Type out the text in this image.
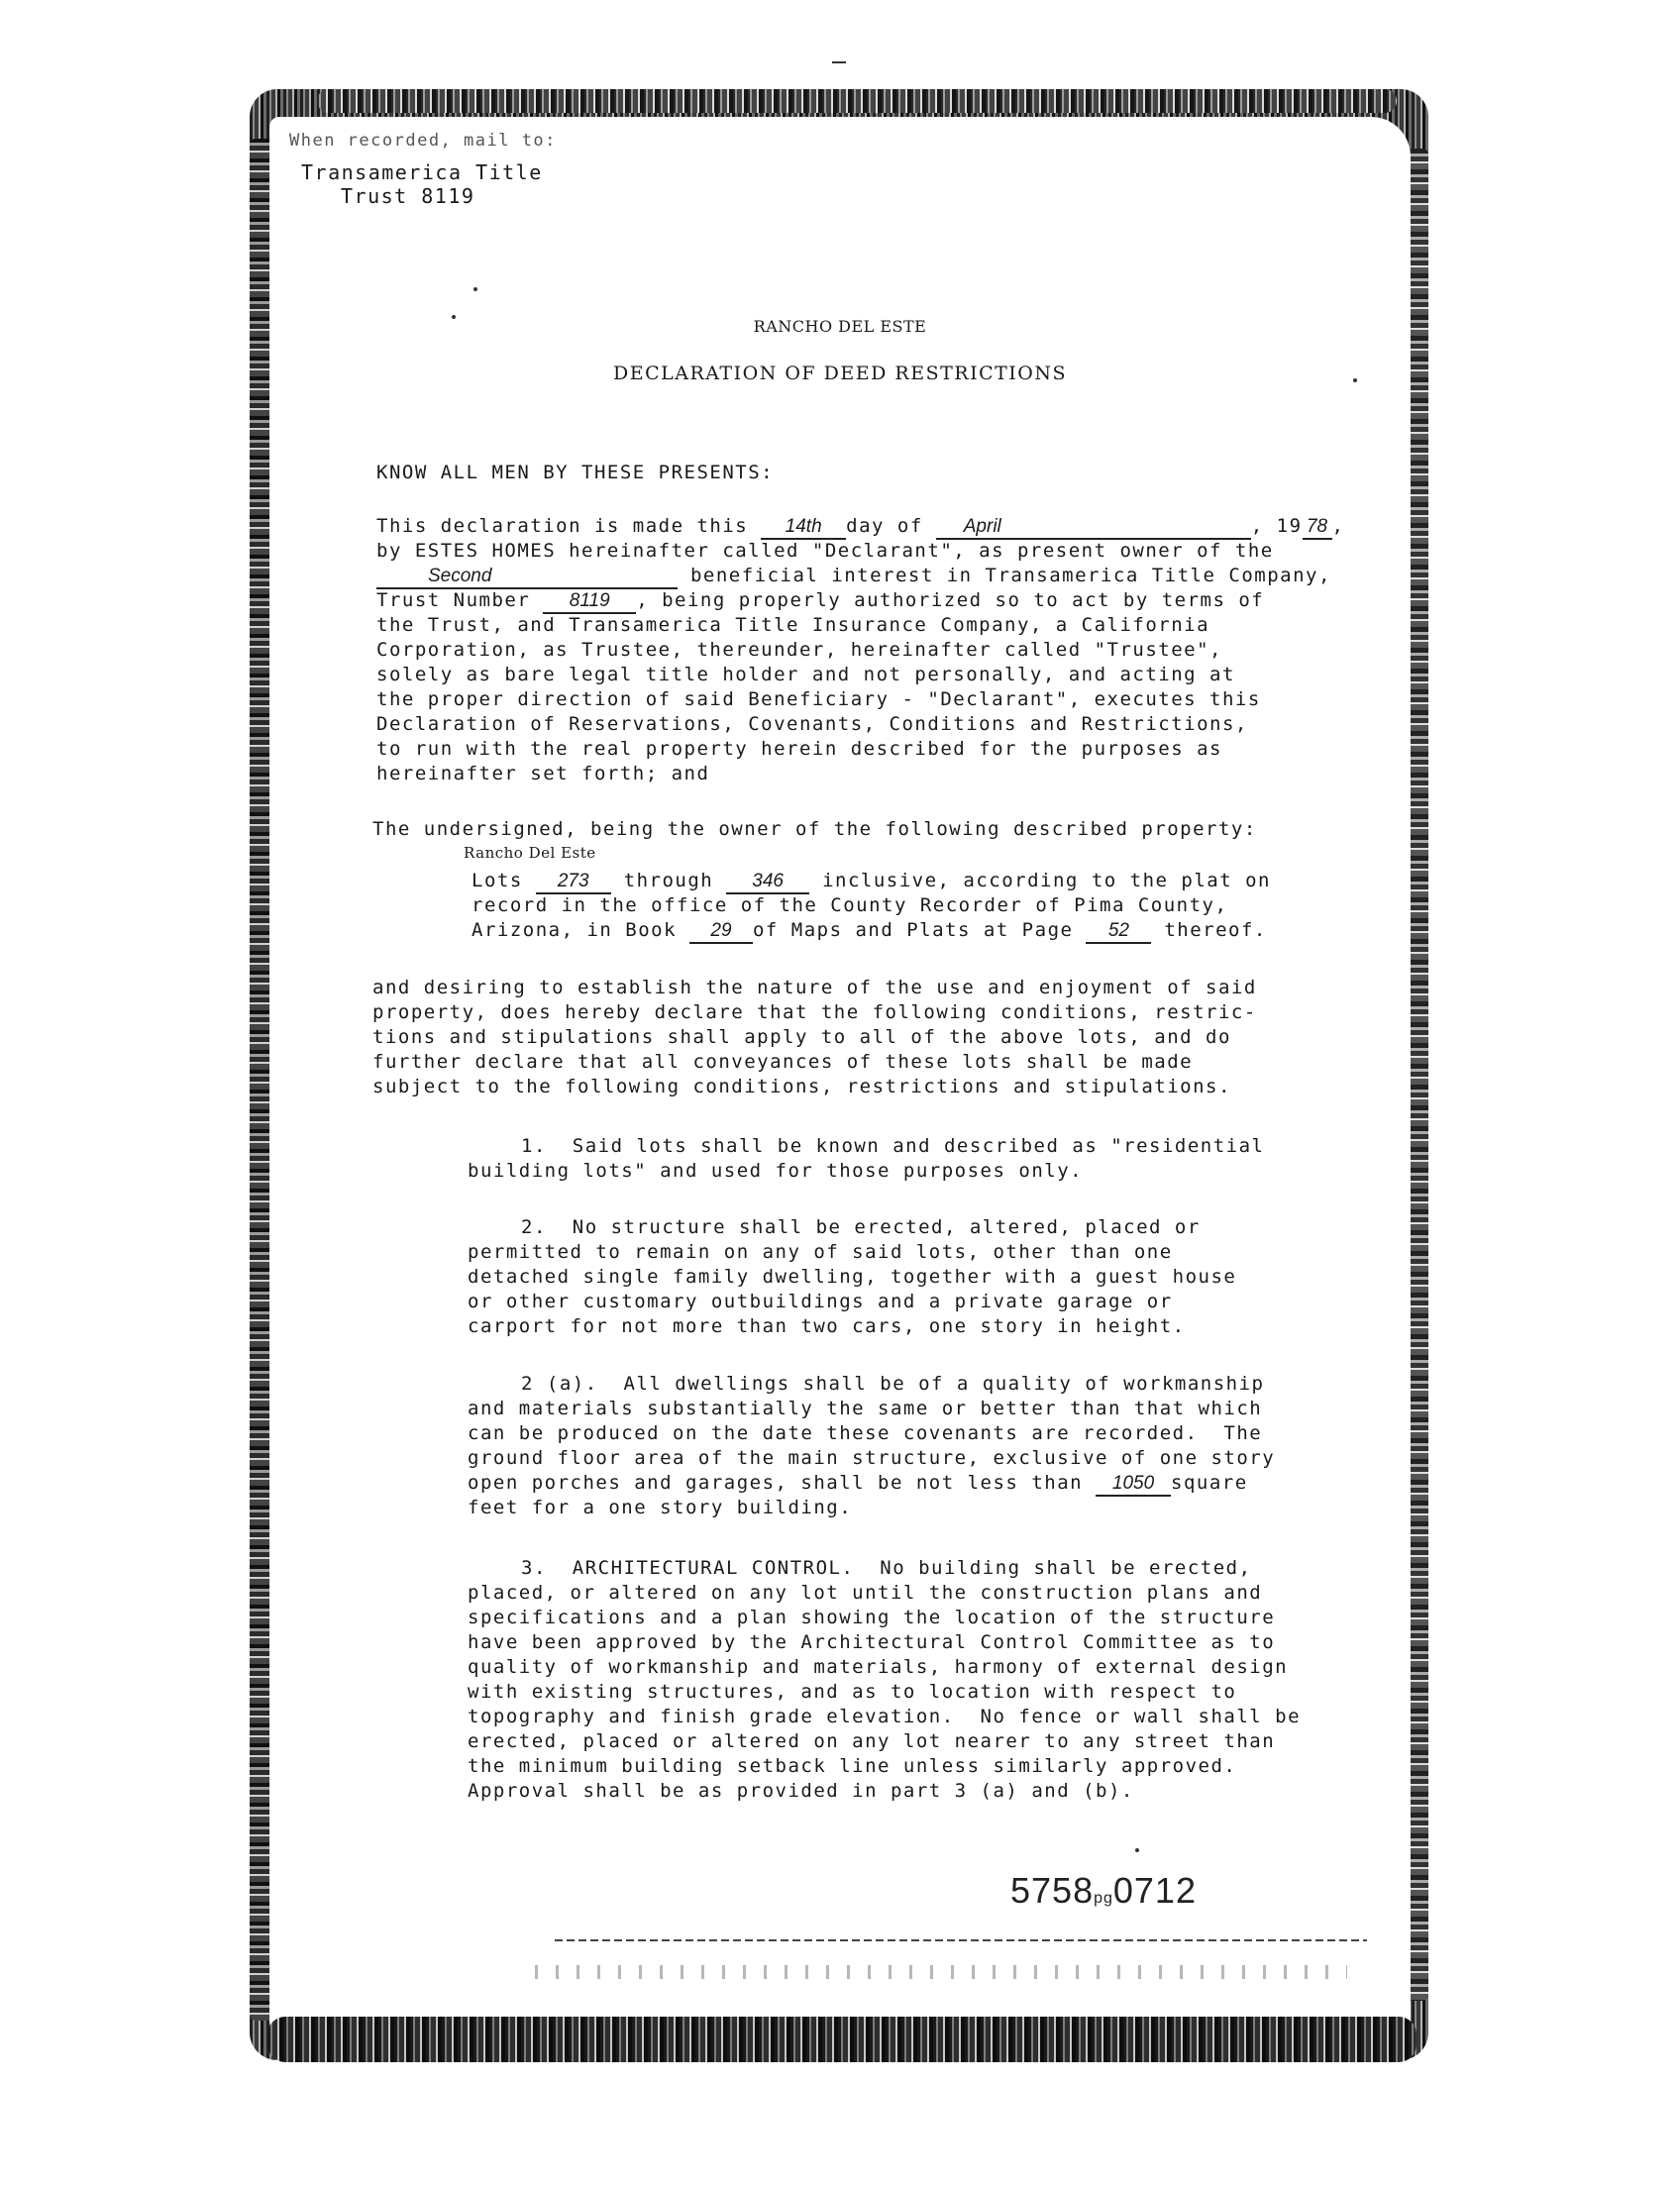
When recorded, mail to:
Transamerica Title
Trust 8119
RANCHO DEL ESTE
DECLARATION OF DEED RESTRICTIONS
KNOW ALL MEN BY THESE PRESENTS:
This declaration is made this 14th day of April	, 19 78 ,
by ESTES HOMES hereinafter called "Declarant", as present owner of the
Second	beneficial interest in Transamerica Title Company,
Trust Number 8119 , being properly authorized so to act by terms of
the Trust, and Transamerica Title Insurance Company, a California
Corporation, as Trustee, thereunder, hereinafter called "Trustee",
solely as bare legal title holder and not personally, and acting at
the proper direction of said Beneficiary - "Declarant", executes this
Declaration of Reservations, Covenants, Conditions and Restrictions,
to run with the real property herein described for the purposes as
hereinafter set forth; and
The undersigned, being the owner of the following described property:
Rancho Del Este
Lots 273 through 346 inclusive, according to the plat on
record in the office of the County Recorder of Pima County,
Arizona, in Book 29 of Maps and Plats at Page 52 thereof.
and desiring to establish the nature of the use and enjoyment of said
property, does hereby declare that the following conditions, restric-
tions and stipulations shall apply to all of the above lots, and do
further declare that all conveyances of these lots shall be made
subject to the following conditions, restrictions and stipulations.
1.  Said lots shall be known and described as "residential
building lots" and used for those purposes only.
2.  No structure shall be erected, altered, placed or
permitted to remain on any of said lots, other than one
detached single family dwelling, together with a guest house
or other customary outbuildings and a private garage or
carport for not more than two cars, one story in height.
2 (a).  All dwellings shall be of a quality of workmanship
and materials substantially the same or better than that which
can be produced on the date these covenants are recorded.  The
ground floor area of the main structure, exclusive of one story
open porches and garages, shall be not less than 1050 square
feet for a one story building.
3.  ARCHITECTURAL CONTROL.  No building shall be erected,
placed, or altered on any lot until the construction plans and
specifications and a plan showing the location of the structure
have been approved by the Architectural Control Committee as to
quality of workmanship and materials, harmony of external design
with existing structures, and as to location with respect to
topography and finish grade elevation.  No fence or wall shall be
erected, placed or altered on any lot nearer to any street than
the minimum building setback line unless similarly approved.
Approval shall be as provided in part 3 (a) and (b).
5758pg0712
